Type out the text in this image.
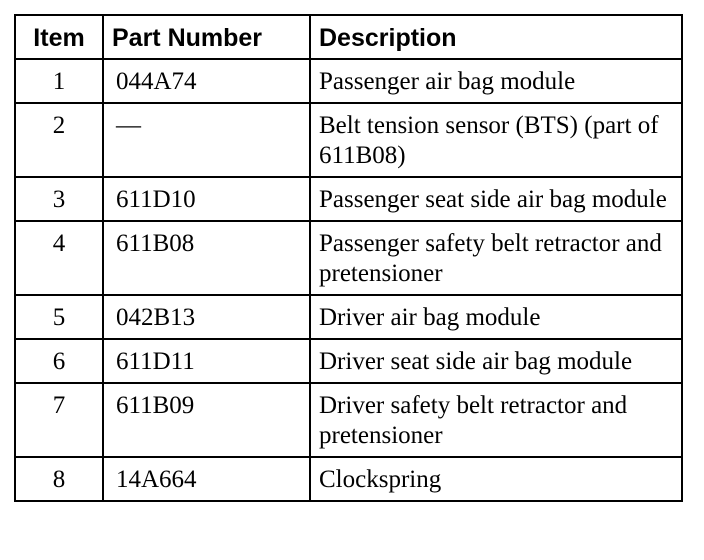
Item	Part Number	Description
1	044A74	Passenger air bag module
2	—	Belt tension sensor (BTS) (part of 611B08)
3	611D10	Passenger seat side air bag module
4	611B08	Passenger safety belt retractor and pretensioner
5	042B13	Driver air bag module
6	611D11	Driver seat side air bag module
7	611B09	Driver safety belt retractor and pretensioner
8	14A664	Clockspring
